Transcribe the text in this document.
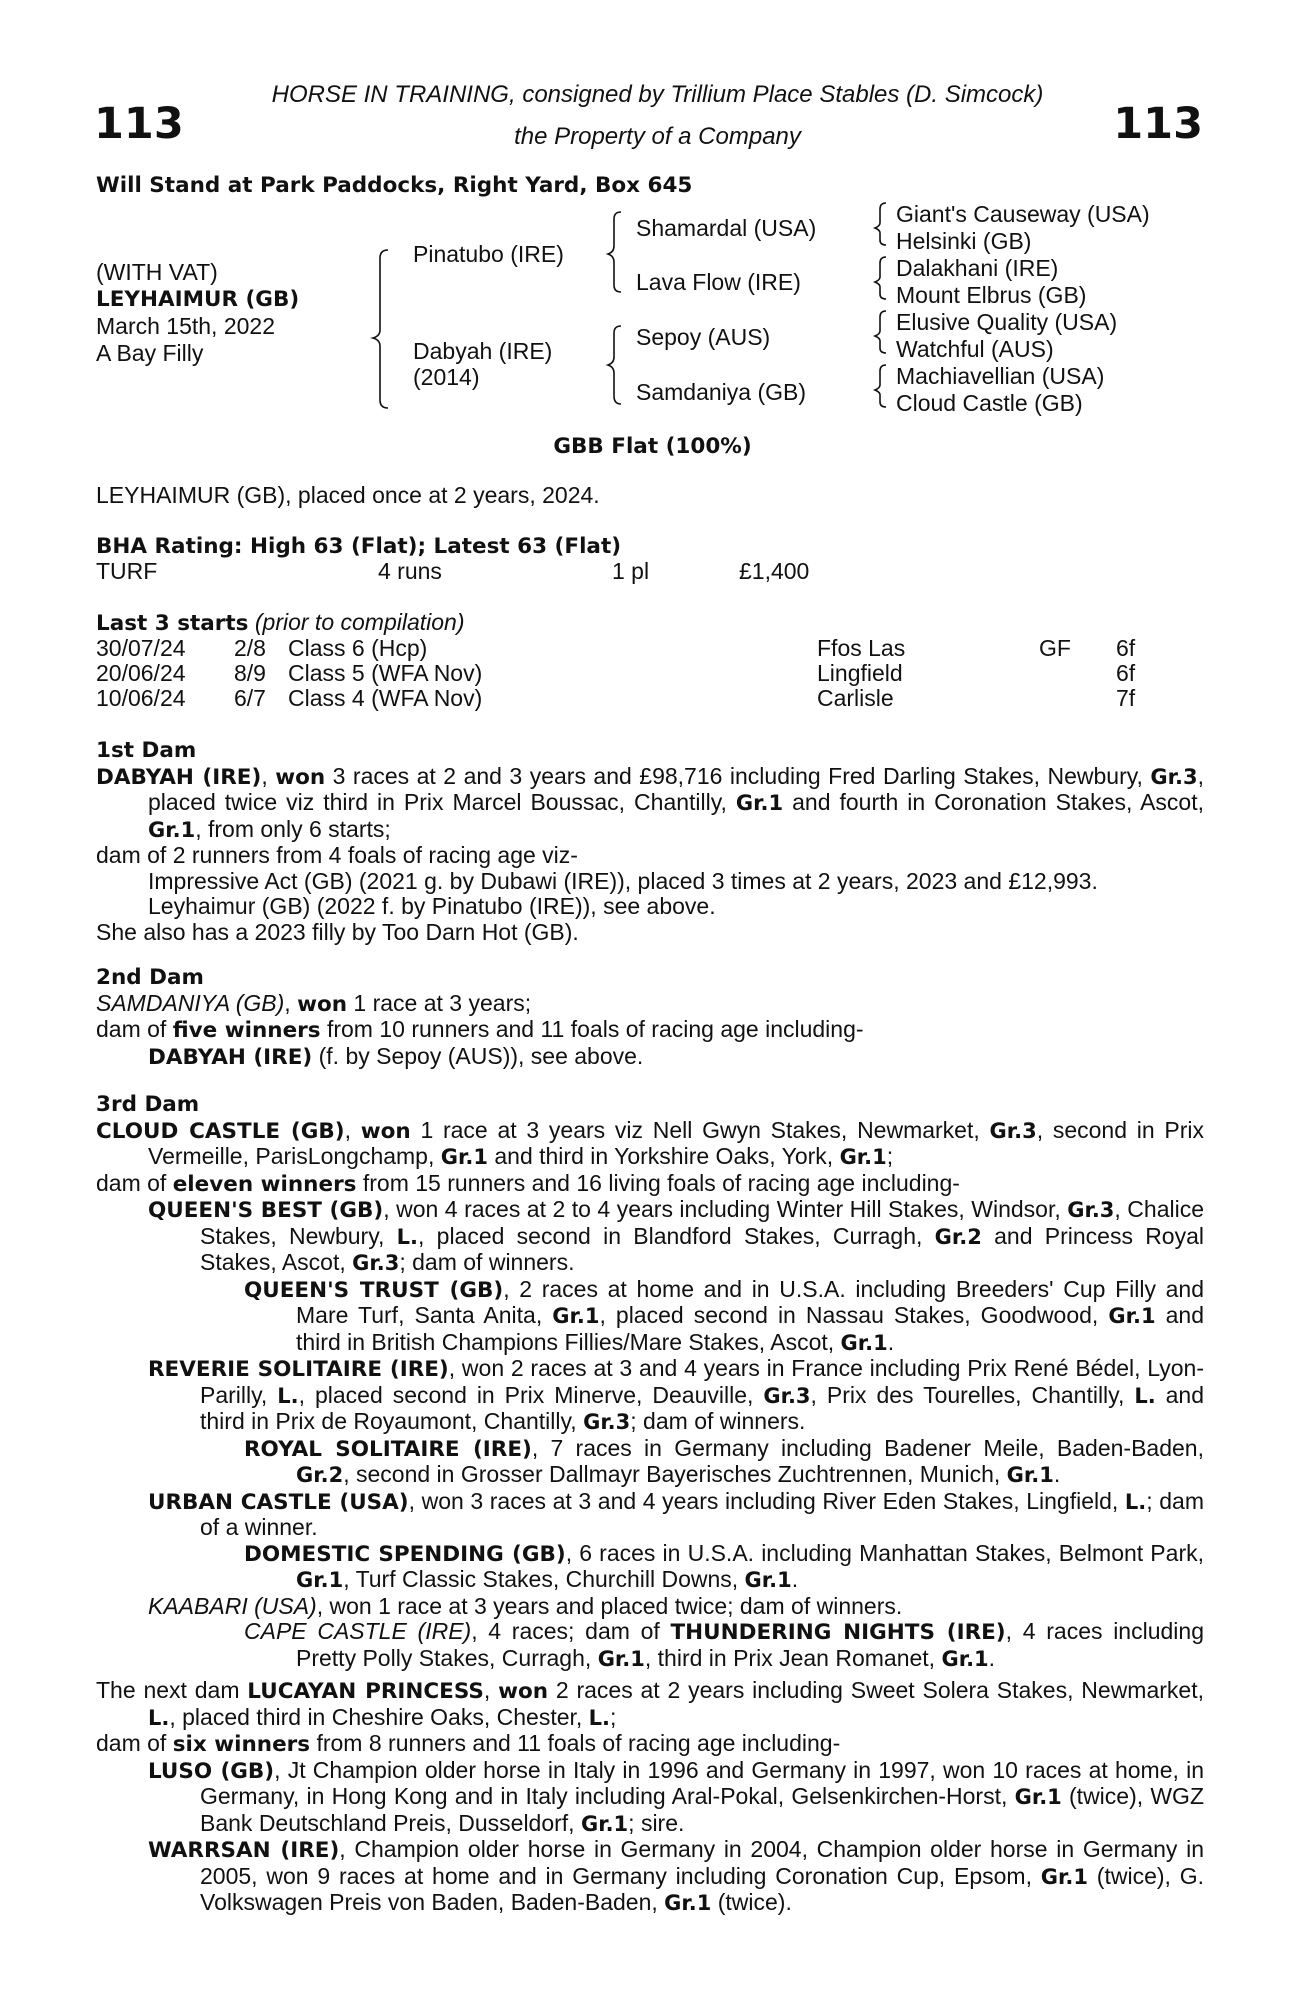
HORSE IN TRAINING, consigned by Trillium Place Stables (D. Simcock)
the Property of a Company
113	113
Will Stand at Park Paddocks, Right Yard, Box 645
(WITH VAT)
LEYHAIMUR (GB)
March 15th, 2022
A Bay Filly
Pinatubo (IRE)
Dabyah (IRE)
(2014)
Shamardal (USA)
Lava Flow (IRE)
Sepoy (AUS)
Samdaniya (GB)
Giant's Causeway (USA)
Helsinki (GB)
Dalakhani (IRE)
Mount Elbrus (GB)
Elusive Quality (USA)
Watchful (AUS)
Machiavellian (USA)
Cloud Castle (GB)
GBB Flat (100%)
LEYHAIMUR (GB), placed once at 2 years, 2024.
BHA Rating: High 63 (Flat); Latest 63 (Flat)
TURF	4 runs	1 pl	£1,400
Last 3 starts (prior to compilation)
30/07/24 2/8 Class 6 (Hcp)	Ffos Las	GF 6f
20/06/24 8/9 Class 5 (WFA Nov)	Lingfield	6f
10/06/24 6/7 Class 4 (WFA Nov)	Carlisle	7f
1st Dam
DABYAH (IRE), won 3 races at 2 and 3 years and £98,716 including Fred Darling Stakes, Newbury, Gr.3, placed twice viz third in Prix Marcel Boussac, Chantilly, Gr.1 and fourth in Coronation Stakes, Ascot, Gr.1, from only 6 starts;
dam of 2 runners from 4 foals of racing age viz-
Impressive Act (GB) (2021 g. by Dubawi (IRE)), placed 3 times at 2 years, 2023 and £12,993.
Leyhaimur (GB) (2022 f. by Pinatubo (IRE)), see above.
She also has a 2023 filly by Too Darn Hot (GB).
2nd Dam
SAMDANIYA (GB), won 1 race at 3 years;
dam of five winners from 10 runners and 11 foals of racing age including-
DABYAH (IRE) (f. by Sepoy (AUS)), see above.
3rd Dam
CLOUD CASTLE (GB), won 1 race at 3 years viz Nell Gwyn Stakes, Newmarket, Gr.3, second in Prix Vermeille, ParisLongchamp, Gr.1 and third in Yorkshire Oaks, York, Gr.1;
dam of eleven winners from 15 runners and 16 living foals of racing age including-
QUEEN'S BEST (GB), won 4 races at 2 to 4 years including Winter Hill Stakes, Windsor, Gr.3, Chalice Stakes, Newbury, L., placed second in Blandford Stakes, Curragh, Gr.2 and Princess Royal Stakes, Ascot, Gr.3; dam of winners.
QUEEN'S TRUST (GB), 2 races at home and in U.S.A. including Breeders' Cup Filly and Mare Turf, Santa Anita, Gr.1, placed second in Nassau Stakes, Goodwood, Gr.1 and third in British Champions Fillies/Mare Stakes, Ascot, Gr.1.
REVERIE SOLITAIRE (IRE), won 2 races at 3 and 4 years in France including Prix René Bédel, Lyon-Parilly, L., placed second in Prix Minerve, Deauville, Gr.3, Prix des Tourelles, Chantilly, L. and third in Prix de Royaumont, Chantilly, Gr.3; dam of winners.
ROYAL SOLITAIRE (IRE), 7 races in Germany including Badener Meile, Baden-Baden, Gr.2, second in Grosser Dallmayr Bayerisches Zuchtrennen, Munich, Gr.1.
URBAN CASTLE (USA), won 3 races at 3 and 4 years including River Eden Stakes, Lingfield, L.; dam of a winner.
DOMESTIC SPENDING (GB), 6 races in U.S.A. including Manhattan Stakes, Belmont Park, Gr.1, Turf Classic Stakes, Churchill Downs, Gr.1.
KAABARI (USA), won 1 race at 3 years and placed twice; dam of winners.
CAPE CASTLE (IRE), 4 races; dam of THUNDERING NIGHTS (IRE), 4 races including Pretty Polly Stakes, Curragh, Gr.1, third in Prix Jean Romanet, Gr.1.
The next dam LUCAYAN PRINCESS, won 2 races at 2 years including Sweet Solera Stakes, Newmarket, L., placed third in Cheshire Oaks, Chester, L.;
dam of six winners from 8 runners and 11 foals of racing age including-
LUSO (GB), Jt Champion older horse in Italy in 1996 and Germany in 1997, won 10 races at home, in Germany, in Hong Kong and in Italy including Aral-Pokal, Gelsenkirchen-Horst, Gr.1 (twice), WGZ Bank Deutschland Preis, Dusseldorf, Gr.1; sire.
WARRSAN (IRE), Champion older horse in Germany in 2004, Champion older horse in Germany in 2005, won 9 races at home and in Germany including Coronation Cup, Epsom, Gr.1 (twice), G. Volkswagen Preis von Baden, Baden-Baden, Gr.1 (twice).
